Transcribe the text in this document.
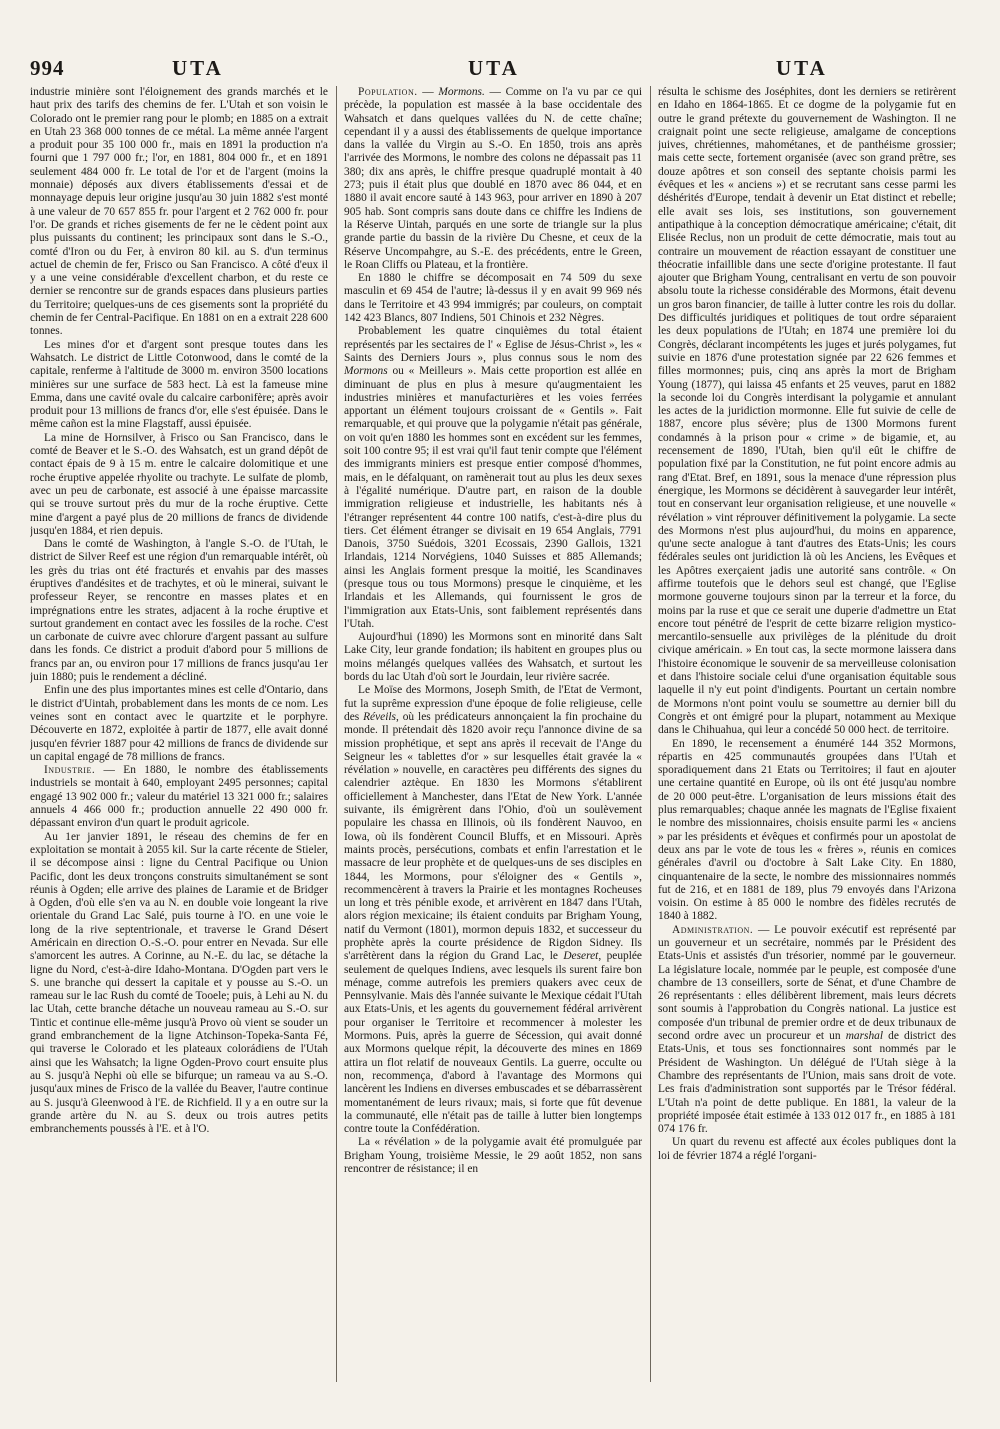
994	UTA	UTA	UTA

industrie minière sont l'éloignement des grands marchés et le haut prix des tarifs des chemins de fer. L'Utah et son voisin le Colorado ont le premier rang pour le plomb; en 1885 on a extrait en Utah 23 368 000 tonnes de ce métal. La même année l'argent a produit pour 35 100 000 fr., mais en 1891 la production n'a fourni que 1 797 000 fr.; l'or, en 1881, 804 000 fr., et en 1891 seulement 484 000 fr. Le total de l'or et de l'argent (moins la monnaie) déposés aux divers établissements d'essai et de monnayage depuis leur origine jusqu'au 30 juin 1882 s'est monté à une valeur de 70 657 855 fr. pour l'argent et 2 762 000 fr. pour l'or. De grands et riches gisements de fer ne le cèdent point aux plus puissants du continent; les principaux sont dans le S.-O., comté d'Iron ou du Fer, à environ 80 kil. au S. d'un terminus actuel de chemin de fer, Frisco ou San Francisco. A côté d'eux il y a une veine considérable d'excellent charbon, et du reste ce dernier se rencontre sur de grands espaces dans plusieurs parties du Territoire; quelques-uns de ces gisements sont la propriété du chemin de fer Central-Pacifique. En 1881 on en a extrait 228 600 tonnes.

Les mines d'or et d'argent sont presque toutes dans les Wahsatch. Le district de Little Cotonwood, dans le comté de la capitale, renferme à l'altitude de 3000 m. environ 3500 locations minières sur une surface de 583 hect. Là est la fameuse mine Emma, dans une cavité ovale du calcaire carbonifère; après avoir produit pour 13 millions de francs d'or, elle s'est épuisée. Dans le même cañon est la mine Flagstaff, aussi épuisée.

La mine de Hornsilver, à Frisco ou San Francisco, dans le comté de Beaver et le S.-O. des Wahsatch, est un grand dépôt de contact épais de 9 à 15 m. entre le calcaire dolomitique et une roche éruptive appelée rhyolite ou trachyte. Le sulfate de plomb, avec un peu de carbonate, est associé à une épaisse marcassite qui se trouve surtout près du mur de la roche éruptive. Cette mine d'argent a payé plus de 20 millions de francs de dividende jusqu'en 1884, et rien depuis.

Dans le comté de Washington, à l'angle S.-O. de l'Utah, le district de Silver Reef est une région d'un remarquable intérêt, où les grès du trias ont été fracturés et envahis par des masses éruptives d'andésites et de trachytes, et où le minerai, suivant le professeur Reyer, se rencontre en masses plates et en imprégnations entre les strates, adjacent à la roche éruptive et surtout grandement en contact avec les fossiles de la roche. C'est un carbonate de cuivre avec chlorure d'argent passant au sulfure dans les fonds. Ce district a produit d'abord pour 5 millions de francs par an, ou environ pour 17 millions de francs jusqu'au 1er juin 1880; puis le rendement a décliné.

Enfin une des plus importantes mines est celle d'Ontario, dans le district d'Uintah, probablement dans les monts de ce nom. Les veines sont en contact avec le quartzite et le porphyre. Découverte en 1872, exploitée à partir de 1877, elle avait donné jusqu'en février 1887 pour 42 millions de francs de dividende sur un capital engagé de 78 millions de francs.

Industrie. — En 1880, le nombre des établissements industriels se montait à 640, employant 2495 personnes; capital engagé 13 902 000 fr.; valeur du matériel 13 321 000 fr.; salaires annuels 4 466 000 fr.; production annuelle 22 490 000 fr. dépassant environ d'un quart le produit agricole.

Au 1er janvier 1891, le réseau des chemins de fer en exploitation se montait à 2055 kil. Sur la carte récente de Stieler, il se décompose ainsi : ligne du Central Pacifique ou Union Pacific, dont les deux tronçons construits simultanément se sont réunis à Ogden; elle arrive des plaines de Laramie et de Bridger à Ogden, d'où elle s'en va au N. en double voie longeant la rive orientale du Grand Lac Salé, puis tourne à l'O. en une voie le long de la rive septentrionale, et traverse le Grand Désert Américain en direction O.-S.-O. pour entrer en Nevada. Sur elle s'amorcent les autres. A Corinne, au N.-E. du lac, se détache la ligne du Nord, c'est-à-dire Idaho-Montana. D'Ogden part vers le S. une branche qui dessert la capitale et y pousse au S.-O. un rameau sur le lac Rush du comté de Tooele; puis, à Lehi au N. du lac Utah, cette branche détache un nouveau rameau au S.-O. sur Tintic et continue elle-même jusqu'à Provo où vient se souder un grand embranchement de la ligne Atchinson-Topeka-Santa Fé, qui traverse le Colorado et les plateaux colorádiens de l'Utah ainsi que les Wahsatch; la ligne Ogden-Provo court ensuite plus au S. jusqu'à Nephi où elle se bifurque; un rameau va au S.-O. jusqu'aux mines de Frisco de la vallée du Beaver, l'autre continue au S. jusqu'à Gleenwood à l'E. de Richfield. Il y a en outre sur la grande artère du N. au S. deux ou trois autres petits embranchements poussés à l'E. et à l'O.

Population. — Mormons. — Comme on l'a vu par ce qui précède, la population est massée à la base occidentale des Wahsatch et dans quelques vallées du N. de cette chaîne; cependant il y a aussi des établissements de quelque importance dans la vallée du Virgin au S.-O. En 1850, trois ans après l'arrivée des Mormons, le nombre des colons ne dépassait pas 11 380; dix ans après, le chiffre presque quadruplé montait à 40 273; puis il était plus que doublé en 1870 avec 86 044, et en 1880 il avait encore sauté à 143 963, pour arriver en 1890 à 207 905 hab. Sont compris sans doute dans ce chiffre les Indiens de la Réserve Uintah, parqués en une sorte de triangle sur la plus grande partie du bassin de la rivière Du Chesne, et ceux de la Réserve Uncompahgre, au S.-E. des précédents, entre le Green, le Roan Cliffs ou Plateau, et la frontière.

En 1880 le chiffre se décomposait en 74 509 du sexe masculin et 69 454 de l'autre; là-dessus il y en avait 99 969 nés dans le Territoire et 43 994 immigrés; par couleurs, on comptait 142 423 Blancs, 807 Indiens, 501 Chinois et 232 Nègres.

Probablement les quatre cinquièmes du total étaient représentés par les sectaires de l' « Eglise de Jésus-Christ », les « Saints des Derniers Jours », plus connus sous le nom des Mormons ou « Meilleurs ». Mais cette proportion est allée en diminuant de plus en plus à mesure qu'augmentaient les industries minières et manufacturières et les voies ferrées apportant un élément toujours croissant de « Gentils ». Fait remarquable, et qui prouve que la polygamie n'était pas générale, on voit qu'en 1880 les hommes sont en excédent sur les femmes, soit 100 contre 95; il est vrai qu'il faut tenir compte que l'élément des immigrants miniers est presque entier composé d'hommes, mais, en le défalquant, on ramènerait tout au plus les deux sexes à l'égalité numérique. D'autre part, en raison de la double immigration religieuse et industrielle, les habitants nés à l'étranger représentent 44 contre 100 natifs, c'est-à-dire plus du tiers. Cet élément étranger se divisait en 19 654 Anglais, 7791 Danois, 3750 Suédois, 3201 Ecossais, 2390 Gallois, 1321 Irlandais, 1214 Norvégiens, 1040 Suisses et 885 Allemands; ainsi les Anglais forment presque la moitié, les Scandinaves (presque tous ou tous Mormons) presque le cinquième, et les Irlandais et les Allemands, qui fournissent le gros de l'immigration aux Etats-Unis, sont faiblement représentés dans l'Utah.

Aujourd'hui (1890) les Mormons sont en minorité dans Salt Lake City, leur grande fondation; ils habitent en groupes plus ou moins mélangés quelques vallées des Wahsatch, et surtout les bords du lac Utah d'où sort le Jourdain, leur rivière sacrée.

Le Moïse des Mormons, Joseph Smith, de l'Etat de Vermont, fut la suprême expression d'une époque de folie religieuse, celle des Réveils, où les prédicateurs annonçaient la fin prochaine du monde. Il prétendait dès 1820 avoir reçu l'annonce divine de sa mission prophétique, et sept ans après il recevait de l'Ange du Seigneur les « tablettes d'or » sur lesquelles était gravée la « révélation » nouvelle, en caractères peu différents des signes du calendrier aztèque. En 1830 les Mormons s'établirent officiellement à Manchester, dans l'Etat de New York. L'année suivante, ils émigrèrent dans l'Ohio, d'où un soulèvement populaire les chassa en Illinois, où ils fondèrent Nauvoo, en Iowa, où ils fondèrent Council Bluffs, et en Missouri. Après maints procès, persécutions, combats et enfin l'arrestation et le massacre de leur prophète et de quelques-uns de ses disciples en 1844, les Mormons, pour s'éloigner des « Gentils », recommencèrent à travers la Prairie et les montagnes Rocheuses un long et très pénible exode, et arrivèrent en 1847 dans l'Utah, alors région mexicaine; ils étaient conduits par Brigham Young, natif du Vermont (1801), mormon depuis 1832, et successeur du prophète après la courte présidence de Rigdon Sidney. Ils s'arrêtèrent dans la région du Grand Lac, le Deseret, peuplée seulement de quelques Indiens, avec lesquels ils surent faire bon ménage, comme autrefois les premiers quakers avec ceux de Pennsylvanie. Mais dès l'année suivante le Mexique cédait l'Utah aux Etats-Unis, et les agents du gouvernement fédéral arrivèrent pour organiser le Territoire et recommencer à molester les Mormons. Puis, après la guerre de Sécession, qui avait donné aux Mormons quelque répit, la découverte des mines en 1869 attira un flot relatif de nouveaux Gentils. La guerre, occulte ou non, recommença, d'abord à l'avantage des Mormons qui lancèrent les Indiens en diverses embuscades et se débarrassèrent momentanément de leurs rivaux; mais, si forte que fût devenue la communauté, elle n'était pas de taille à lutter bien longtemps contre toute la Confédération.

La « révélation » de la polygamie avait été promulguée par Brigham Young, troisième Messie, le 29 août 1852, non sans rencontrer de résistance; il en

résulta le schisme des Joséphites, dont les derniers se retirèrent en Idaho en 1864-1865. Et ce dogme de la polygamie fut en outre le grand prétexte du gouvernement de Washington. Il ne craignait point une secte religieuse, amalgame de conceptions juives, chrétiennes, mahométanes, et de panthéisme grossier; mais cette secte, fortement organisée (avec son grand prêtre, ses douze apôtres et son conseil des septante choisis parmi les évêques et les « anciens ») et se recrutant sans cesse parmi les déshérités d'Europe, tendait à devenir un Etat distinct et rebelle; elle avait ses lois, ses institutions, son gouvernement antipathique à la conception démocratique américaine; c'était, dit Elisée Reclus, non un produit de cette démocratie, mais tout au contraire un mouvement de réaction essayant de constituer une théocratie infaillible dans une secte d'origine protestante. Il faut ajouter que Brigham Young, centralisant en vertu de son pouvoir absolu toute la richesse considérable des Mormons, était devenu un gros baron financier, de taille à lutter contre les rois du dollar. Des difficultés juridiques et politiques de tout ordre séparaient les deux populations de l'Utah; en 1874 une première loi du Congrès, déclarant incompétents les juges et jurés polygames, fut suivie en 1876 d'une protestation signée par 22 626 femmes et filles mormonnes; puis, cinq ans après la mort de Brigham Young (1877), qui laissa 45 enfants et 25 veuves, parut en 1882 la seconde loi du Congrès interdisant la polygamie et annulant les actes de la juridiction mormonne. Elle fut suivie de celle de 1887, encore plus sévère; plus de 1300 Mormons furent condamnés à la prison pour « crime » de bigamie, et, au recensement de 1890, l'Utah, bien qu'il eût le chiffre de population fixé par la Constitution, ne fut point encore admis au rang d'Etat. Bref, en 1891, sous la menace d'une répression plus énergique, les Mormons se décidèrent à sauvegarder leur intérêt, tout en conservant leur organisation religieuse, et une nouvelle « révélation » vint réprouver définitivement la polygamie. La secte des Mormons n'est plus aujourd'hui, du moins en apparence, qu'une secte analogue à tant d'autres des Etats-Unis; les cours fédérales seules ont juridiction là où les Anciens, les Evêques et les Apôtres exerçaient jadis une autorité sans contrôle. « On affirme toutefois que le dehors seul est changé, que l'Eglise mormone gouverne toujours sinon par la terreur et la force, du moins par la ruse et que ce serait une duperie d'admettre un Etat encore tout pénétré de l'esprit de cette bizarre religion mystico-mercantilo-sensuelle aux privilèges de la plénitude du droit civique américain. » En tout cas, la secte mormone laissera dans l'histoire économique le souvenir de sa merveilleuse colonisation et dans l'histoire sociale celui d'une organisation équitable sous laquelle il n'y eut point d'indigents. Pourtant un certain nombre de Mormons n'ont point voulu se soumettre au dernier bill du Congrès et ont émigré pour la plupart, notamment au Mexique dans le Chihuahua, qui leur a concédé 50 000 hect. de territoire.

En 1890, le recensement a énuméré 144 352 Mormons, répartis en 425 communautés groupées dans l'Utah et sporadiquement dans 21 Etats ou Territoires; il faut en ajouter une certaine quantité en Europe, où ils ont été jusqu'au nombre de 20 000 peut-être. L'organisation de leurs missions était des plus remarquables; chaque année les magnats de l'Eglise fixaient le nombre des missionnaires, choisis ensuite parmi les « anciens » par les présidents et évêques et confirmés pour un apostolat de deux ans par le vote de tous les « frères », réunis en comices générales d'avril ou d'octobre à Salt Lake City. En 1880, cinquantenaire de la secte, le nombre des missionnaires nommés fut de 216, et en 1881 de 189, plus 79 envoyés dans l'Arizona voisin. On estime à 85 000 le nombre des fidèles recrutés de 1840 à 1882.

Administration. — Le pouvoir exécutif est représenté par un gouverneur et un secrétaire, nommés par le Président des Etats-Unis et assistés d'un trésorier, nommé par le gouverneur. La législature locale, nommée par le peuple, est composée d'une chambre de 13 conseillers, sorte de Sénat, et d'une Chambre de 26 représentants : elles délibèrent librement, mais leurs décrets sont soumis à l'approbation du Congrès national. La justice est composée d'un tribunal de premier ordre et de deux tribunaux de second ordre avec un procureur et un marshal de district des Etats-Unis, et tous ses fonctionnaires sont nommés par le Président de Washington. Un délégué de l'Utah siège à la Chambre des représentants de l'Union, mais sans droit de vote. Les frais d'administration sont supportés par le Trésor fédéral. L'Utah n'a point de dette publique. En 1881, la valeur de la propriété imposée était estimée à 133 012 017 fr., en 1885 à 181 074 176 fr.

Un quart du revenu est affecté aux écoles publiques dont la loi de février 1874 a réglé l'organi-
